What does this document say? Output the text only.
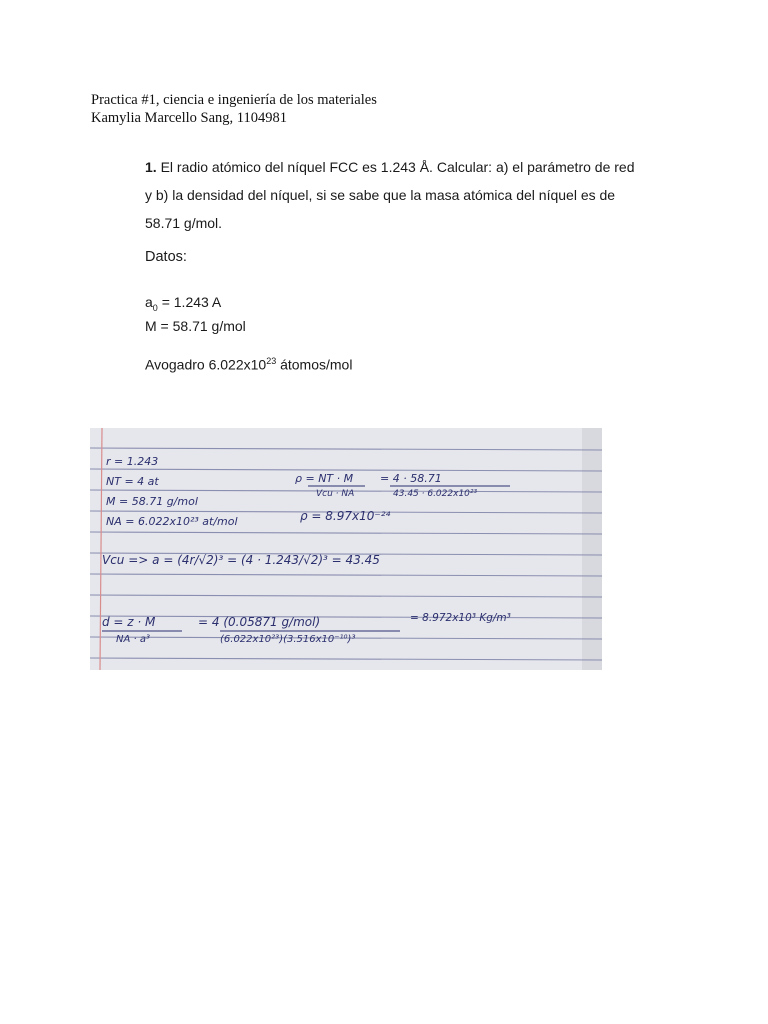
Practica #1, ciencia e ingeniería de los materiales
Kamylia Marcello Sang, 1104981

1. El radio atómico del níquel FCC es 1.243 Å. Calcular: a) el parámetro de red y b) la densidad del níquel, si se sabe que la masa atómica del níquel es de 58.71 g/mol.

Datos:
$a_0 = 1.243$ A
M = 58.71 g/mol
Avogadro $6.022x10^{23}$ átomos/mol
r = 1.243
NT = 4 at
M = 58.71 g/mol
NA = 6.022x10²³ at/mol
ρ = NT · M
Vcu · NA
= 4 · 58.71
43.45 · 6.022x10²³
ρ = 8.97x10⁻²⁴
Vcu => a = (4r/√2)³ = (4 · 1.243/√2)³ = 43.45
d = z · M
NA · a³
= 4 (0.05871 g/mol)
(6.022x10²³)(3.516x10⁻¹⁰)³
= 8.972x10³ Kg/m³
